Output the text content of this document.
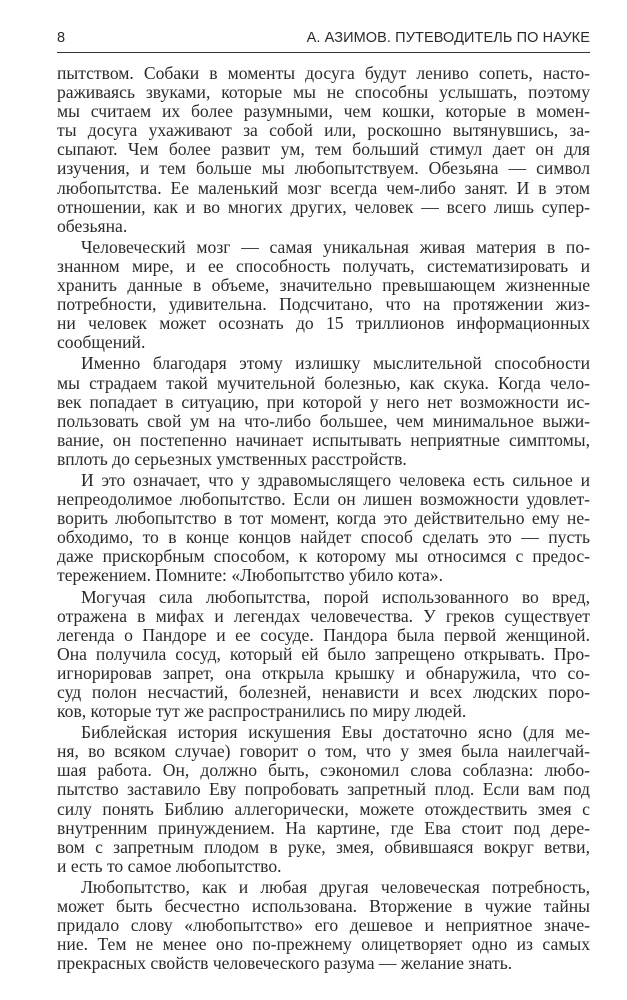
8	А. АЗИМОВ. ПУТЕВОДИТЕЛЬ ПО НАУКЕ
пытством. Собаки в моменты досуга будут лениво сопеть, насто-
раживаясь звуками, которые мы не способны услышать, поэтому
мы считаем их более разумными, чем кошки, которые в момен-
ты досуга ухаживают за собой или, роскошно вытянувшись, за-
сыпают. Чем более развит ум, тем больший стимул дает он для
изучения, и тем больше мы любопытствуем. Обезьяна — символ
любопытства. Ее маленький мозг всегда чем-либо занят. И в этом
отношении, как и во многих других, человек — всего лишь супер-
обезьяна.
Человеческий мозг — самая уникальная живая материя в по-
знанном мире, и ее способность получать, систематизировать и
хранить данные в объеме, значительно превышающем жизненные
потребности, удивительна. Подсчитано, что на протяжении жиз-
ни человек может осознать до 15 триллионов информационных
сообщений.
Именно благодаря этому излишку мыслительной способности
мы страдаем такой мучительной болезнью, как скука. Когда чело-
век попадает в ситуацию, при которой у него нет возможности ис-
пользовать свой ум на что-либо большее, чем минимальное выжи-
вание, он постепенно начинает испытывать неприятные симптомы,
вплоть до серьезных умственных расстройств.
И это означает, что у здравомыслящего человека есть сильное и
непреодолимое любопытство. Если он лишен возможности удовлет-
ворить любопытство в тот момент, когда это действительно ему не-
обходимо, то в конце концов найдет способ сделать это — пусть
даже прискорбным способом, к которому мы относимся с предос-
тережением. Помните: «Любопытство убило кота».
Могучая сила любопытства, порой использованного во вред,
отражена в мифах и легендах человечества. У греков существует
легенда о Пандоре и ее сосуде. Пандора была первой женщиной.
Она получила сосуд, который ей было запрещено открывать. Про-
игнорировав запрет, она открыла крышку и обнаружила, что со-
суд полон несчастий, болезней, ненависти и всех людских поро-
ков, которые тут же распространились по миру людей.
Библейская история искушения Евы достаточно ясно (для ме-
ня, во всяком случае) говорит о том, что у змея была наилегчай-
шая работа. Он, должно быть, сэкономил слова соблазна: любо-
пытство заставило Еву попробовать запретный плод. Если вам под
силу понять Библию аллегорически, можете отождествить змея с
внутренним принуждением. На картине, где Ева стоит под дере-
вом с запретным плодом в руке, змея, обвившаяся вокруг ветви,
и есть то самое любопытство.
Любопытство, как и любая другая человеческая потребность,
может быть бесчестно использована. Вторжение в чужие тайны
придало слову «любопытство» его дешевое и неприятное значе-
ние. Тем не менее оно по-прежнему олицетворяет одно из самых
прекрасных свойств человеческого разума — желание знать.
